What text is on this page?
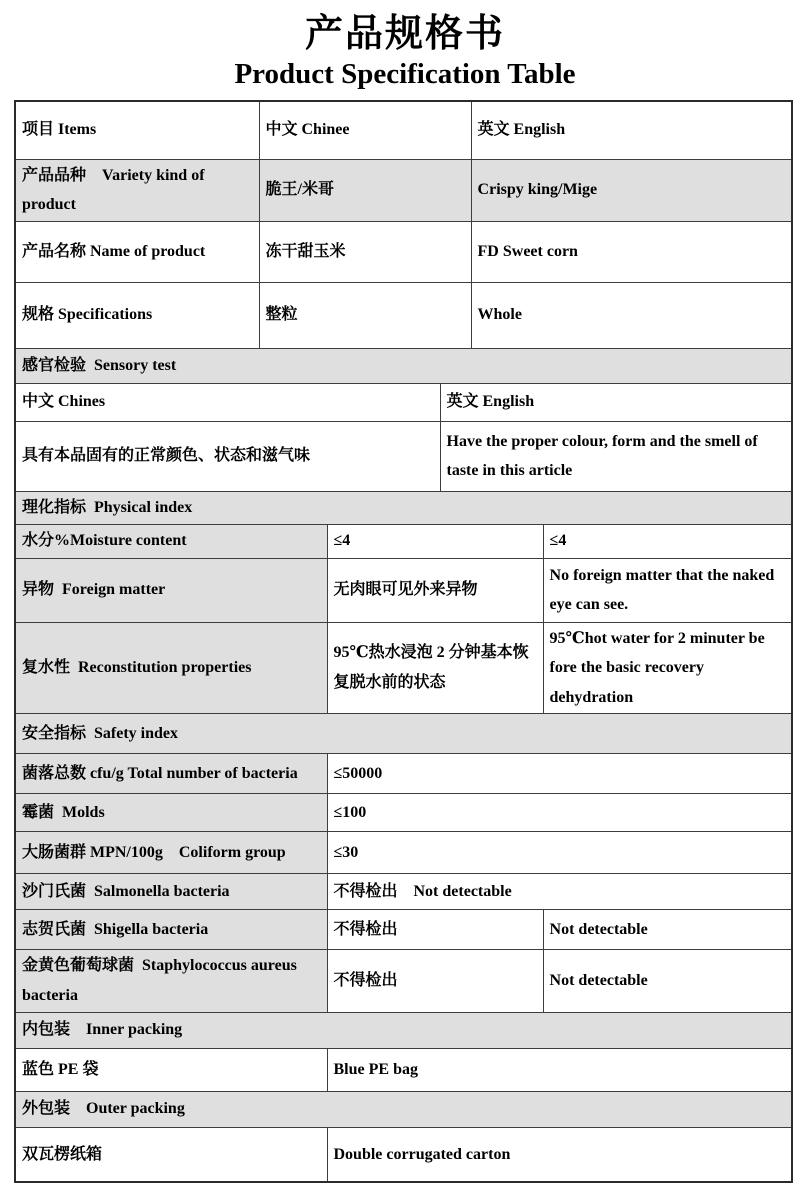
产品规格书
Product Specification Table
项目 Items	中文 Chinee			英文 English	
产品品种　Variety kind of product	脆王/米哥			Crispy king/Mige	
产品名称 Name of product	冻干甜玉米			FD Sweet corn	
规格 Specifications	整粒			Whole	
感官检验  Sensory test					
中文 Chines			英文 English		
具有本品固有的正常颜色、状态和滋气味			Have the proper colour, form and the smell of taste in this article		
理化指标  Physical index					
水分%Moisture content		≤4			≤4
异物  Foreign matter		无肉眼可见外来异物			No foreign matter that the naked eye can see.
复水性  Reconstitution properties		95℃热水浸泡 2 分钟基本恢复脱水前的状态			95℃hot water for 2 minuter be fore the basic recovery dehydration
安全指标  Safety index					
菌落总数 cfu/g Total number of bacteria		≤50000			
霉菌  Molds		≤100			
大肠菌群 MPN/100g　Coliform group		≤30			
沙门氏菌  Salmonella bacteria		不得检出　Not detectable			
志贺氏菌  Shigella bacteria		不得检出			Not detectable
金黄色葡萄球菌  Staphylococcus aureus bacteria		不得检出			Not detectable
内包装　Inner packing					
蓝色 PE 袋		Blue PE bag			
外包装　Outer packing					
双瓦楞纸箱		Double corrugated carton			
